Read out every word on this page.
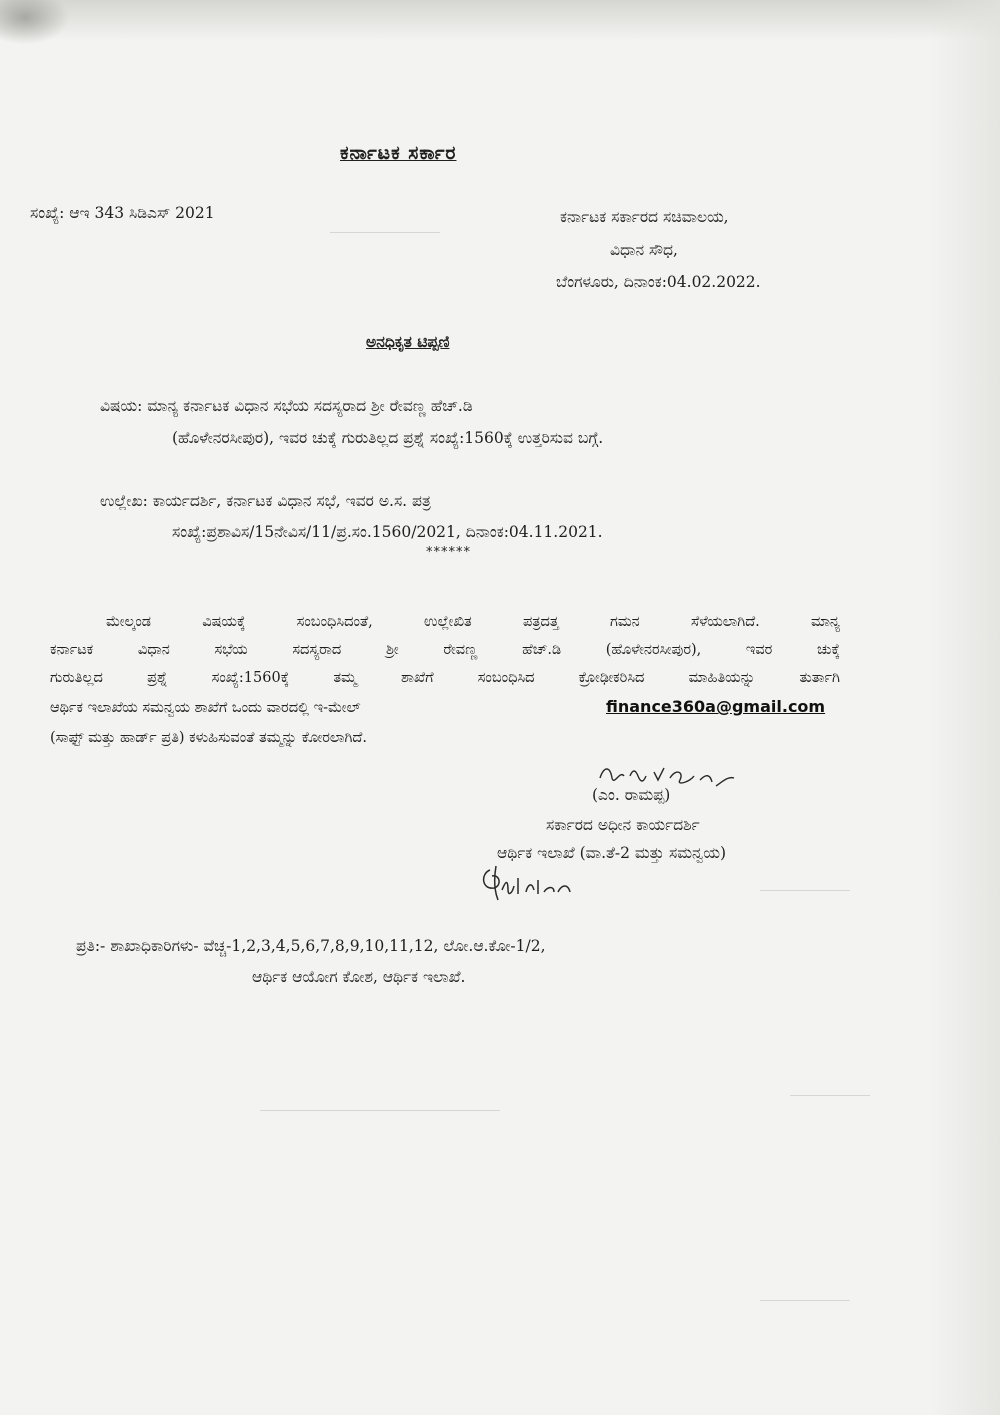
ಕರ್ನಾಟಕ ಸರ್ಕಾರ
ಸಂಖ್ಯೆ: ಆಇ 343 ಸಿಡಿಎಸ್ 2021	ಕರ್ನಾಟಕ ಸರ್ಕಾರದ ಸಚಿವಾಲಯ,
ವಿಧಾನ ಸೌಧ,
ಬೆಂಗಳೂರು, ದಿನಾಂಕ:04.02.2022.
ಅನಧಿಕೃತ ಟಿಪ್ಪಣಿ
ವಿಷಯ: ಮಾನ್ಯ ಕರ್ನಾಟಕ ವಿಧಾನ ಸಭೆಯ ಸದಸ್ಯರಾದ ಶ್ರೀ ರೇವಣ್ಣ ಹೆಚ್.ಡಿ
(ಹೊಳೇನರಸೀಪುರ), ಇವರ ಚುಕ್ಕೆ ಗುರುತಿಲ್ಲದ ಪ್ರಶ್ನೆ ಸಂಖ್ಯೆ:1560ಕ್ಕೆ ಉತ್ತರಿಸುವ ಬಗ್ಗೆ.
ಉಲ್ಲೇಖ: ಕಾರ್ಯದರ್ಶಿ, ಕರ್ನಾಟಕ ವಿಧಾನ ಸಭೆ, ಇವರ ಅ.ಸ. ಪತ್ರ
ಸಂಖ್ಯೆ:ಪ್ರಶಾವಿಸ/15ನೇವಿಸ/11/ಪ್ರ.ಸಂ.1560/2021, ದಿನಾಂಕ:04.11.2021.
******
ಮೇಲ್ಕಂಡ ವಿಷಯಕ್ಕೆ ಸಂಬಂಧಿಸಿದಂತೆ, ಉಲ್ಲೇಖಿತ ಪತ್ರದತ್ತ ಗಮನ ಸೆಳೆಯಲಾಗಿದೆ. ಮಾನ್ಯ
ಕರ್ನಾಟಕ ವಿಧಾನ ಸಭೆಯ ಸದಸ್ಯರಾದ ಶ್ರೀ ರೇವಣ್ಣ ಹೆಚ್.ಡಿ (ಹೊಳೇನರಸೀಪುರ), ಇವರ ಚುಕ್ಕೆ
ಗುರುತಿಲ್ಲದ ಪ್ರಶ್ನೆ ಸಂಖ್ಯೆ:1560ಕ್ಕೆ ತಮ್ಮ ಶಾಖೆಗೆ ಸಂಬಂಧಿಸಿದ ಕ್ರೋಢೀಕರಿಸಿದ ಮಾಹಿತಿಯನ್ನು ತುರ್ತಾಗಿ
ಆರ್ಥಿಕ ಇಲಾಖೆಯ ಸಮನ್ವಯ ಶಾಖೆಗೆ ಒಂದು ವಾರದಲ್ಲಿ ಇ-ಮೇಲ್	finance360a@gmail.com
(ಸಾಫ್ಟ್ ಮತ್ತು ಹಾರ್ಡ್ ಪ್ರತಿ) ಕಳುಹಿಸುವಂತೆ ತಮ್ಮನ್ನು ಕೋರಲಾಗಿದೆ.
(ಎಂ. ರಾಮಪ್ಪ)
ಸರ್ಕಾರದ ಅಧೀನ ಕಾರ್ಯದರ್ಶಿ
ಆರ್ಥಿಕ ಇಲಾಖೆ (ವಾ.ತೆ-2 ಮತ್ತು ಸಮನ್ವಯ)
ಪ್ರತಿ:- ಶಾಖಾಧಿಕಾರಿಗಳು- ವೆಚ್ಚ-1,2,3,4,5,6,7,8,9,10,11,12, ಲೋ.ಆ.ಕೋ-1/2,
ಆರ್ಥಿಕ ಆಯೋಗ ಕೋಶ, ಆರ್ಥಿಕ ಇಲಾಖೆ.
